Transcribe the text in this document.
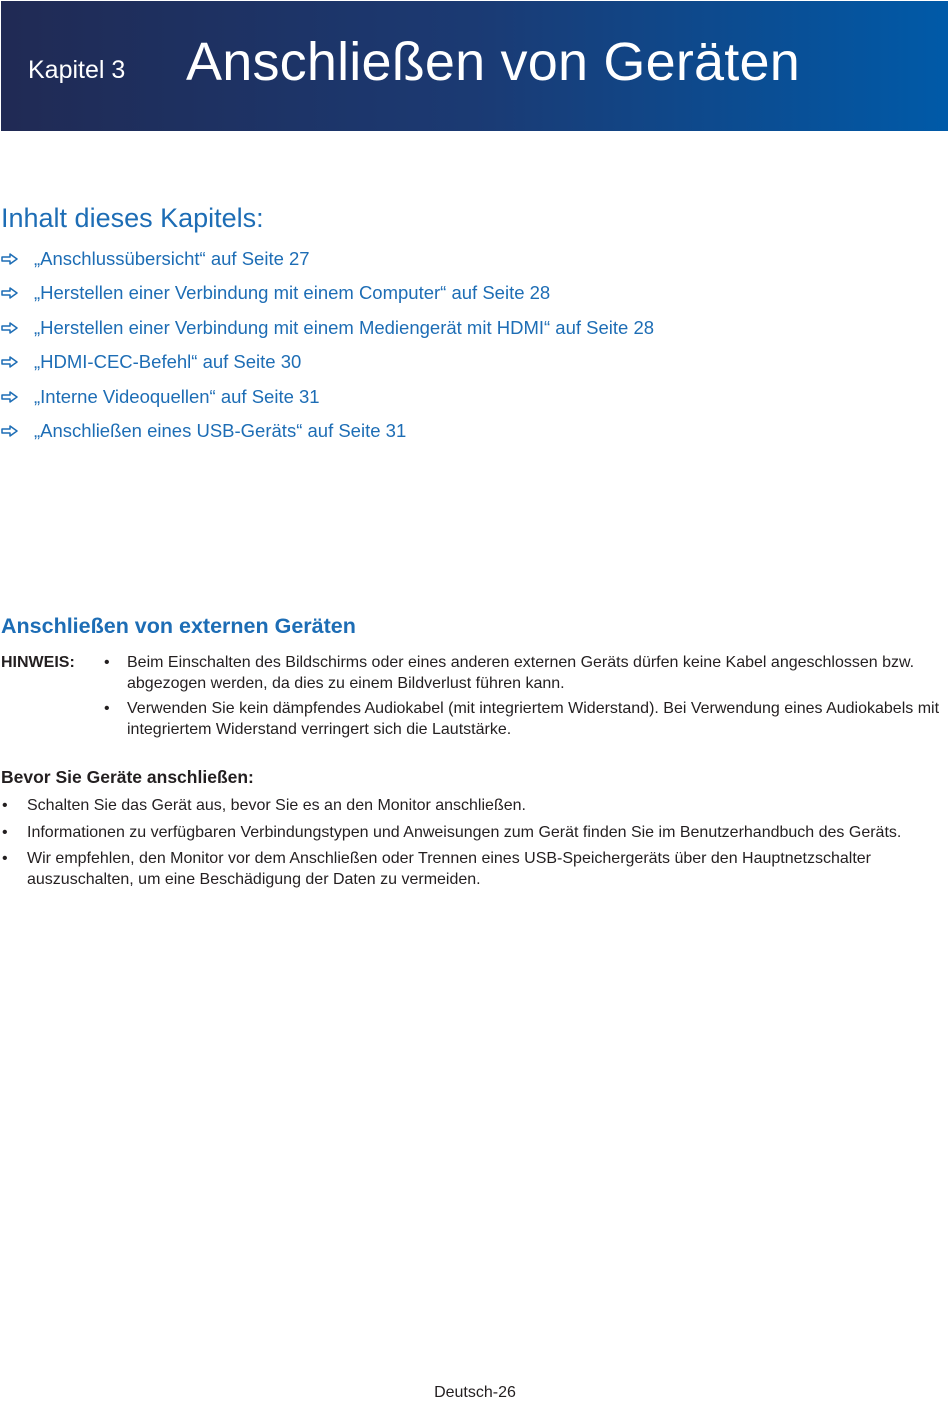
Kapitel 3 Anschließen von Geräten
Inhalt dieses Kapitels:
„Anschlussübersicht“ auf Seite 27
„Herstellen einer Verbindung mit einem Computer“ auf Seite 28
„Herstellen einer Verbindung mit einem Mediengerät mit HDMI“ auf Seite 28
„HDMI-CEC-Befehl“ auf Seite 30
„Interne Videoquellen“ auf Seite 31
„Anschließen eines USB-Geräts“ auf Seite 31
Anschließen von externen Geräten
HINWEIS: • Beim Einschalten des Bildschirms oder eines anderen externen Geräts dürfen keine Kabel angeschlossen bzw. abgezogen werden, da dies zu einem Bildverlust führen kann.
• Verwenden Sie kein dämpfendes Audiokabel (mit integriertem Widerstand). Bei Verwendung eines Audiokabels mit integriertem Widerstand verringert sich die Lautstärke.
Bevor Sie Geräte anschließen:
• Schalten Sie das Gerät aus, bevor Sie es an den Monitor anschließen.
• Informationen zu verfügbaren Verbindungstypen und Anweisungen zum Gerät finden Sie im Benutzerhandbuch des Geräts.
• Wir empfehlen, den Monitor vor dem Anschließen oder Trennen eines USB-Speichergeräts über den Hauptnetzschalter auszuschalten, um eine Beschädigung der Daten zu vermeiden.
Deutsch-26
